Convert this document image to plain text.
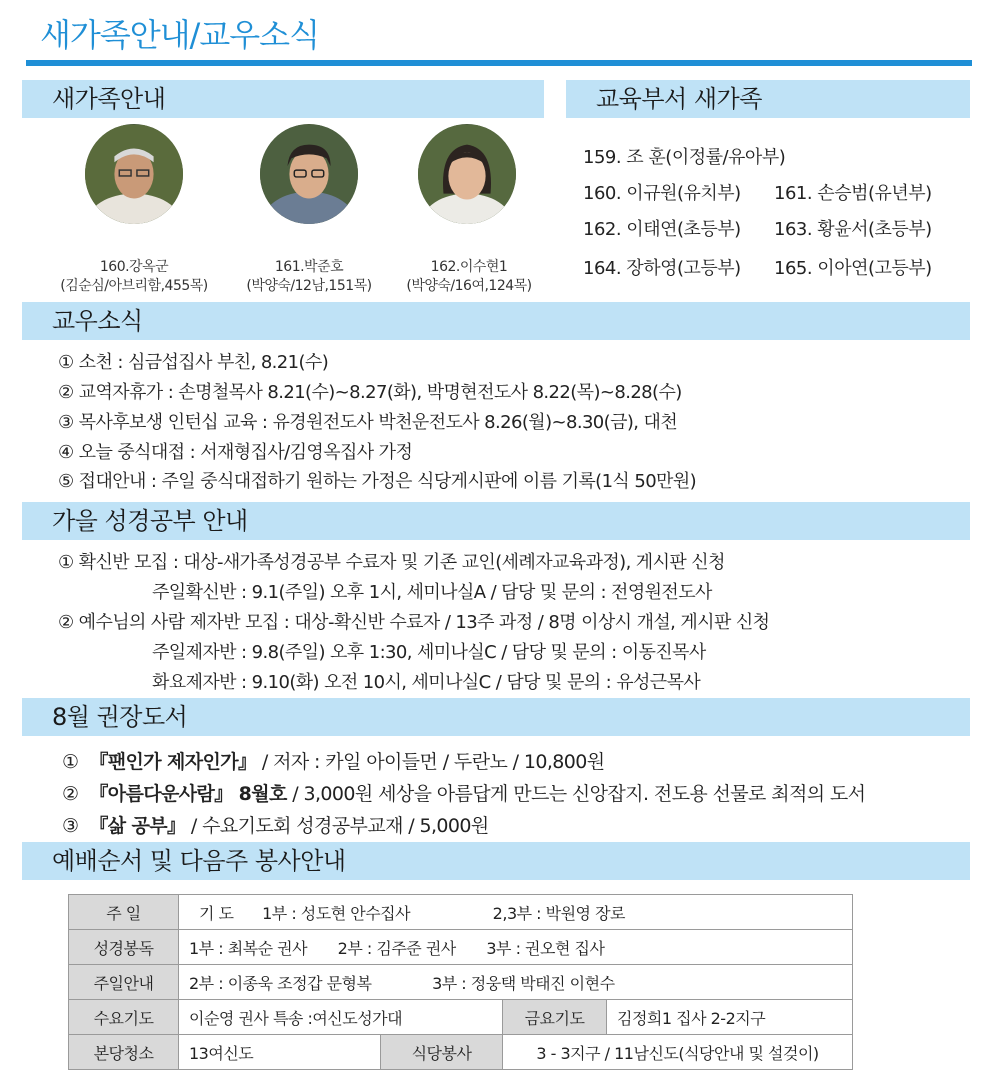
새가족안내/교우소식
새가족안내	교육부서 새가족
160.강옥군
(김순심/아브리함,455목)
161.박준호
(박양숙/12남,151목)
162.이수현1
(박양숙/16여,124목)
159. 조 훈(이정률/유아부)
160. 이규원(유치부) 161. 손승범(유년부)
162. 이태연(초등부) 163. 황윤서(초등부)
164. 장하영(고등부) 165. 이아연(고등부)
교우소식
① 소천 : 심금섭집사 부친, 8.21(수)
② 교역자휴가 : 손명철목사 8.21(수)~8.27(화), 박명현전도사 8.22(목)~8.28(수)
③ 목사후보생 인턴십 교육 : 유경원전도사 박천운전도사 8.26(월)~8.30(금), 대천
④ 오늘 중식대접 : 서재형집사/김영옥집사 가정
⑤ 접대안내 : 주일 중식대접하기 원하는 가정은 식당게시판에 이름 기록(1식 50만원)
가을 성경공부 안내
① 확신반 모집 : 대상-새가족성경공부 수료자 및 기존 교인(세례자교육과정), 게시판 신청
주일확신반 : 9.1(주일) 오후 1시, 세미나실A / 담당 및 문의 : 전영원전도사
② 예수님의 사람 제자반 모집 : 대상-확신반 수료자 / 13주 과정 / 8명 이상시 개설, 게시판 신청
주일제자반 : 9.8(주일) 오후 1:30, 세미나실C / 담당 및 문의 : 이동진목사
화요제자반 : 9.10(화) 오전 10시, 세미나실C / 담당 및 문의 : 유성근목사
8월 권장도서
① 『팬인가 제자인가』 / 저자 : 카일 아이들먼 / 두란노 / 10,800원
② 『아름다운사람』 8월호 / 3,000원 세상을 아름답게 만드는 신앙잡지. 전도용 선물로 최적의 도서
③ 『삶 공부』 / 수요기도회 성경공부교재 / 5,000원
예배순서 및 다음주 봉사안내
주 일	기 도 1부 : 성도현 안수집사 2,3부 : 박원영 장로			
성경봉독	1부 : 최복순 권사 2부 : 김주준 권사 3부 : 권오현 집사			
주일안내	2부 : 이종욱 조정갑 문형복 3부 : 정웅택 박태진 이현수			
수요기도	이순영 권사 특송 :여신도성가대		금요기도	김정희1 집사 2-2지구
본당청소	13여신도	식당봉사	3 - 3지구 / 11남신도(식당안내 및 설겆이)	
